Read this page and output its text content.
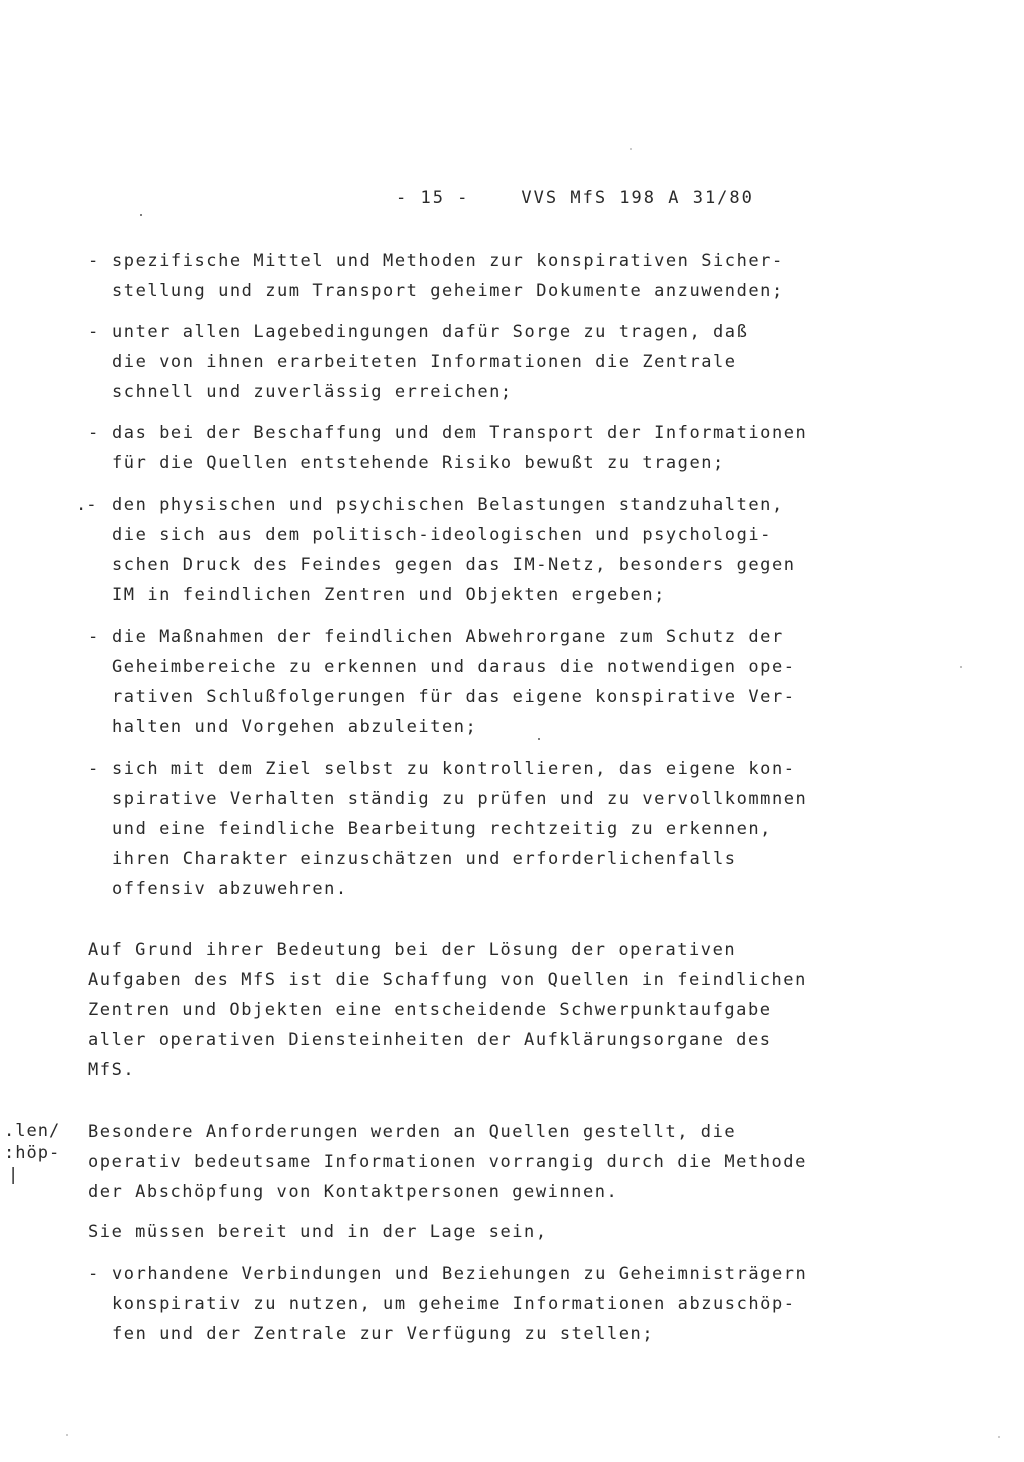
- 15 -	VVS MfS 198 A 31/80
- spezifische Mittel und Methoden zur konspirativen Sicher-
stellung und zum Transport geheimer Dokumente anzuwenden;
- unter allen Lagebedingungen dafür Sorge zu tragen, daß
die von ihnen erarbeiteten Informationen die Zentrale
schnell und zuverlässig erreichen;
- das bei der Beschaffung und dem Transport der Informationen
für die Quellen entstehende Risiko bewußt zu tragen;
.- den physischen und psychischen Belastungen standzuhalten,
die sich aus dem politisch-ideologischen und psychologi-
schen Druck des Feindes gegen das IM-Netz, besonders gegen
IM in feindlichen Zentren und Objekten ergeben;
- die Maßnahmen der feindlichen Abwehrorgane zum Schutz der
Geheimbereiche zu erkennen und daraus die notwendigen ope-
rativen Schlußfolgerungen für das eigene konspirative Ver-
halten und Vorgehen abzuleiten;
- sich mit dem Ziel selbst zu kontrollieren, das eigene kon-
spirative Verhalten ständig zu prüfen und zu vervollkommnen
und eine feindliche Bearbeitung rechtzeitig zu erkennen,
ihren Charakter einzuschätzen und erforderlichenfalls
offensiv abzuwehren.
Auf Grund ihrer Bedeutung bei der Lösung der operativen
Aufgaben des MfS ist die Schaffung von Quellen in feindlichen
Zentren und Objekten eine entscheidende Schwerpunktaufgabe
aller operativen Diensteinheiten der Aufklärungsorgane des
MfS.
.len/
:höp-
|
Besondere Anforderungen werden an Quellen gestellt, die
operativ bedeutsame Informationen vorrangig durch die Methode
der Abschöpfung von Kontaktpersonen gewinnen.
Sie müssen bereit und in der Lage sein,
- vorhandene Verbindungen und Beziehungen zu Geheimnisträgern
konspirativ zu nutzen, um geheime Informationen abzuschöp-
fen und der Zentrale zur Verfügung zu stellen;
